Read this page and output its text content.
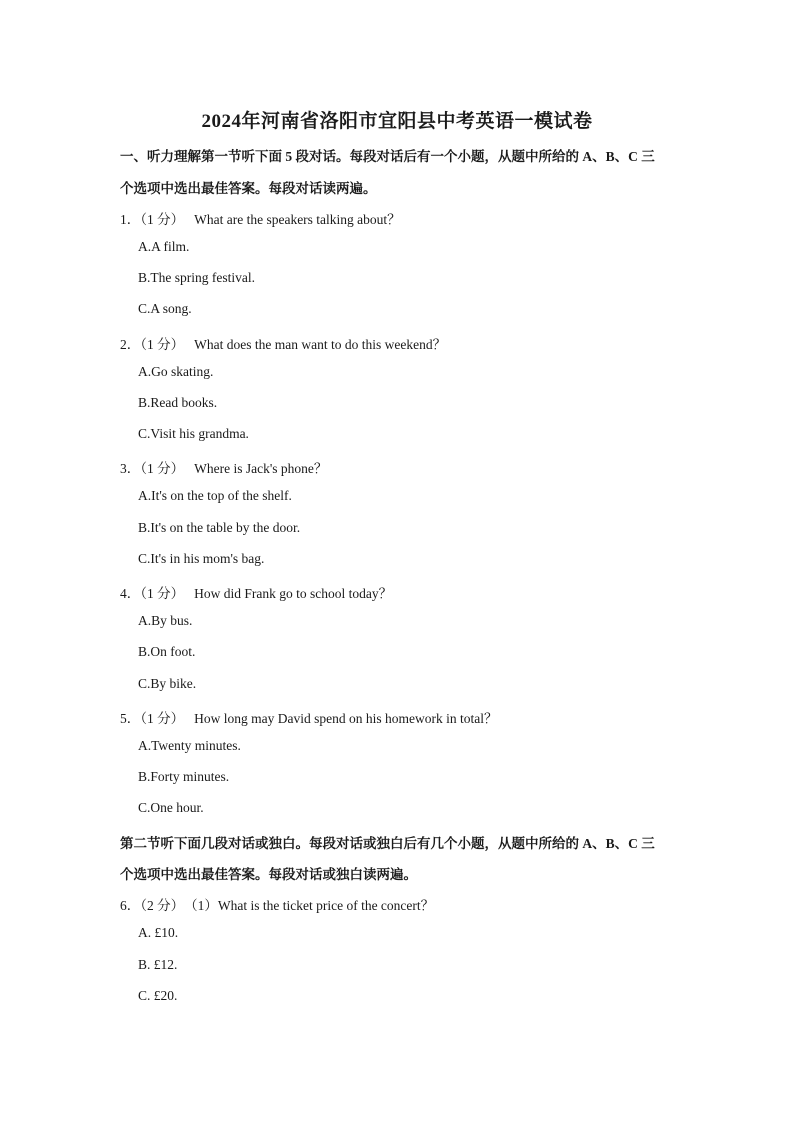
2024年河南省洛阳市宜阳县中考英语一模试卷
一、听力理解第一节听下面 5 段对话。每段对话后有一个小题，从题中所给的 A、B、C 三
个选项中选出最佳答案。每段对话读两遍。
1．（1 分） What are the speakers talking about？
A.A film.
B.The spring festival.
C.A song.
2．（1 分） What does the man want to do this weekend？
A.Go skating.
B.Read books.
C.Visit his grandma.
3．（1 分） Where is Jack's phone？
A.It's on the top of the shelf.
B.It's on the table by the door.
C.It's in his mom's bag.
4．（1 分） How did Frank go to school today？
A.By bus.
B.On foot.
C.By bike.
5．（1 分） How long may David spend on his homework in total？
A.Twenty minutes.
B.Forty minutes.
C.One hour.
第二节听下面几段对话或独白。每段对话或独白后有几个小题，从题中所给的 A、B、C 三
个选项中选出最佳答案。每段对话或独白读两遍。
6．（2 分）（1）What is the ticket price of the concert？
A. £10.
B. £12.
C. £20.
